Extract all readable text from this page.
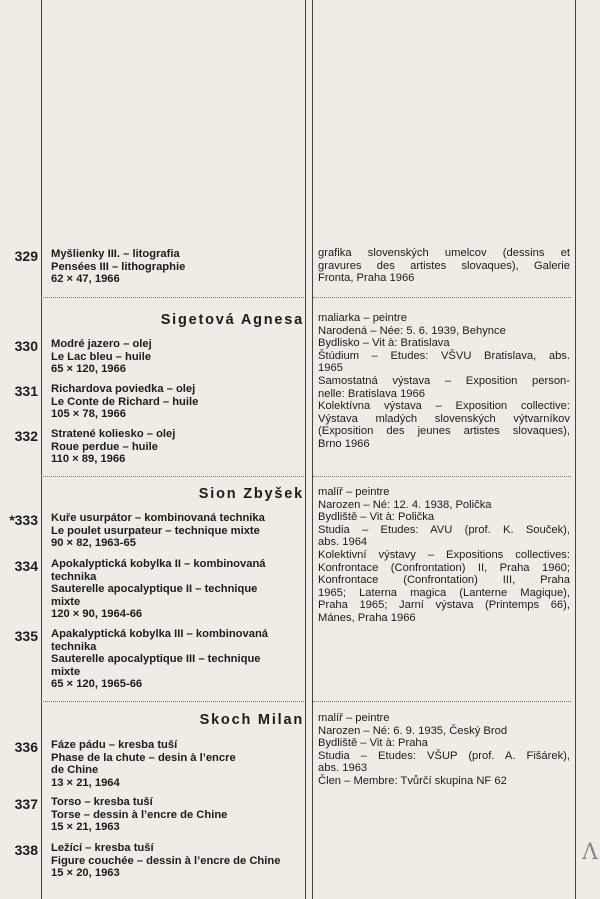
Sigetová Agnesa
Sion Zbyšek
Skoch Milan
329 Myšlienky III. – litografia
Pensées III – lithographie
62 × 47, 1966
330 Modré jazero – olej
Le Lac bleu – huile
65 × 120, 1966
331 Richardova poviedka – olej
Le Conte de Richard – huile
105 × 78, 1966
332 Stratené koliesko – olej
Roue perdue – huile
110 × 89, 1966
*333 Kuře usurpátor – kombinovaná technika
Le poulet usurpateur – technique mixte
90 × 82, 1963-65
334 Apokalyptická kobylka II – kombinovaná
technika
Sauterelle apocalyptique II – technique
mixte
120 × 90, 1964-66
335 Apakalyptická kobylka III – kombinovaná
technika
Sauterelle apocalyptique III – technique
mixte
65 × 120, 1965-66
336 Fáze pádu – kresba tuší
Phase de la chute – desin à l’encre
de Chine
13 × 21, 1964
337 Torso – kresba tuší
Torse – dessin à l’encre de Chine
15 × 21, 1963
338 Ležící – kresba tuší
Figure couchée – dessin à l’encre de Chine
15 × 20, 1963
grafika slovenských umelcov (dessins et
gravures des artistes slovaques), Galerie
Fronta, Praha 1966
maliarka – peintre
Narodená – Née: 5. 6. 1939, Behynce
Bydlisko – Vit à: Bratislava
Štúdium – Etudes: VŠVU Bratislava, abs.
1965
Samostatná výstava – Exposition person-
nelle: Bratislava 1966
Kolektívna výstava – Exposition collective:
Výstava mladých slovenských výtvarníkov
(Exposition des jeunes artistes slovaques),
Brno 1966
malíř – peintre
Narozen – Né: 12. 4. 1938, Polička
Bydliště – Vit à: Polička
Studia – Etudes: AVU (prof. K. Souček),
abs. 1964
Kolektivní výstavy – Expositions collectives:
Konfrontace (Confrontation) II, Praha 1960;
Konfrontace (Confrontation) III, Praha
1965; Laterna magica (Lanterne Magique),
Praha 1965; Jarní výstava (Printemps 66),
Mánes, Praha 1966
malíř – peintre
Narozen – Né: 6. 9. 1935, Český Brod
Bydliště – Vit à: Praha
Studia – Etudes: VŠUP (prof. A. Fišárek),
abs. 1963
Člen – Membre: Tvůrčí skupina NF 62
Λ
